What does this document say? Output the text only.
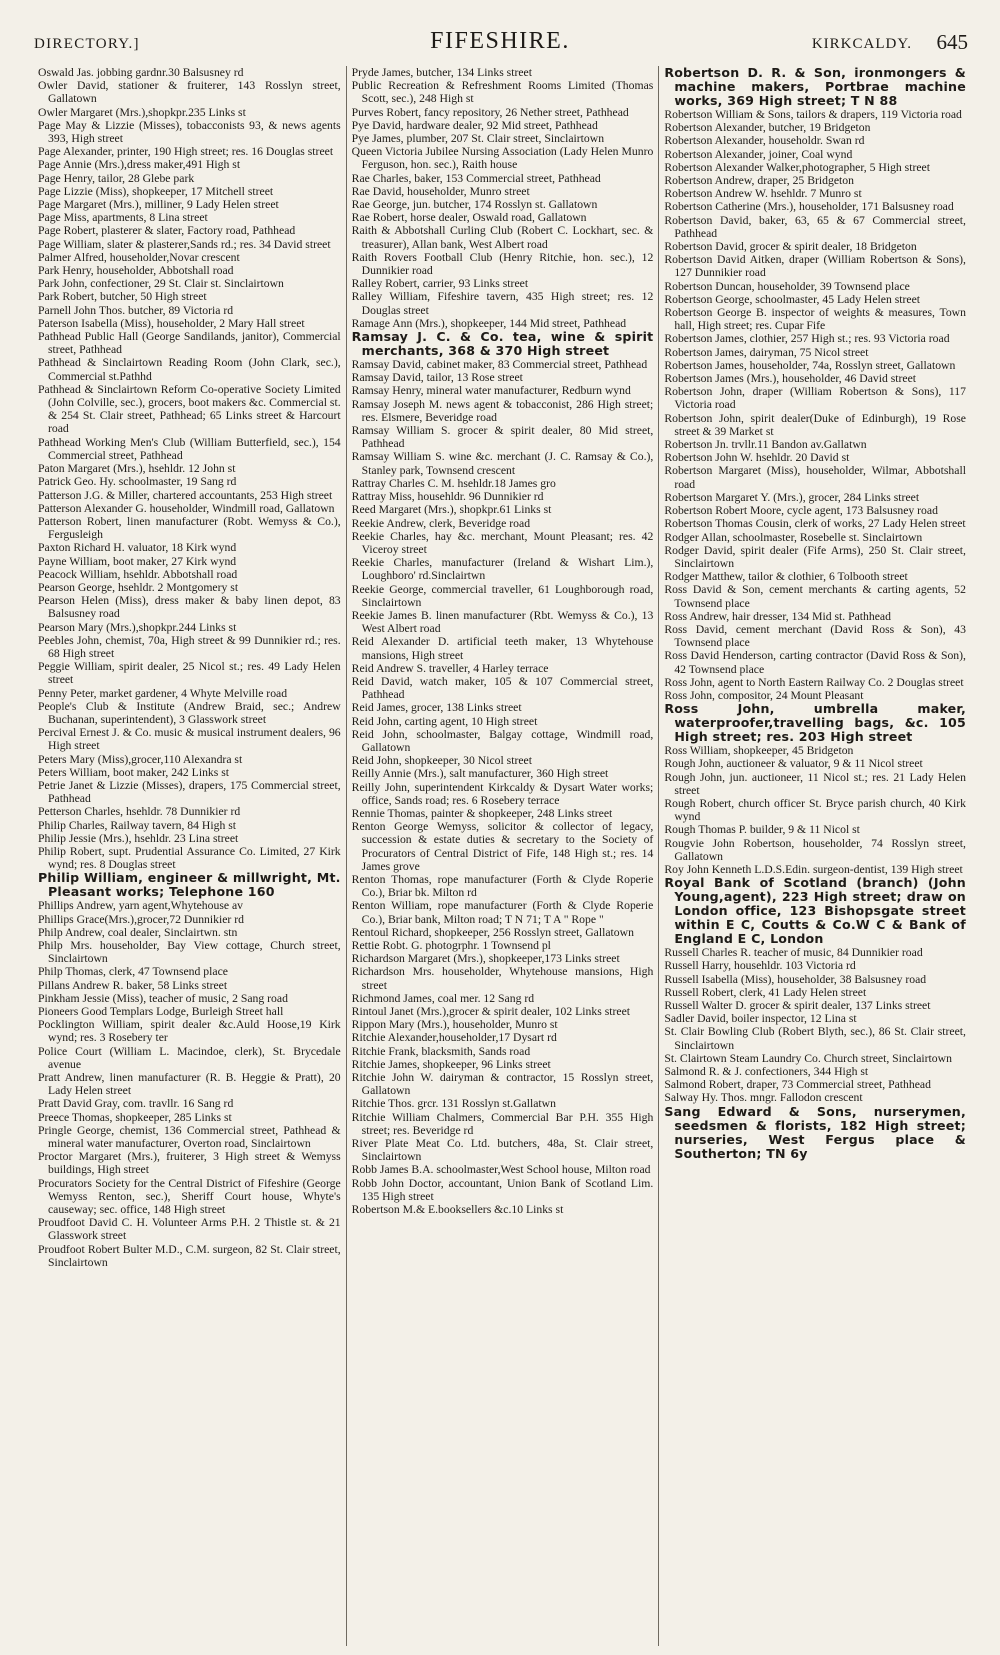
DIRECTORY.]	FIFESHIRE.	KIRKCALDY. 645
Oswald Jas. jobbing gardnr.30 Balsusney rd
Owler David, stationer & fruiterer, 143 Rosslyn street, Gallatown
Owler Margaret (Mrs.),shopkpr.235 Links st
Page May & Lizzie (Misses), tobacconists 93, & news agents 393, High street
Page Alexander, printer, 190 High street; res. 16 Douglas street
Page Annie (Mrs.),dress maker,491 High st
Page Henry, tailor, 28 Glebe park
Page Lizzie (Miss), shopkeeper, 17 Mitchell street
Page Margaret (Mrs.), milliner, 9 Lady Helen street
Page Miss, apartments, 8 Lina street
Page Robert, plasterer & slater, Factory road, Pathhead
Page William, slater & plasterer,Sands rd.; res. 34 David street
Palmer Alfred, householder,Novar crescent
Park Henry, householder, Abbotshall road
Park John, confectioner, 29 St. Clair st. Sinclairtown
Park Robert, butcher, 50 High street
Parnell John Thos. butcher, 89 Victoria rd
Paterson Isabella (Miss), householder, 2 Mary Hall street
Pathhead Public Hall (George Sandilands, janitor), Commercial street, Pathhead
Pathhead & Sinclairtown Reading Room (John Clark, sec.), Commercial st.Pathhd
Pathhead & Sinclairtown Reform Co-operative Society Limited (John Colville, sec.), grocers, boot makers &c. Commercial st. & 254 St. Clair street, Pathhead; 65 Links street & Harcourt road
Pathhead Working Men's Club (William Butterfield, sec.), 154 Commercial street, Pathhead
Paton Margaret (Mrs.), hsehldr. 12 John st
Patrick Geo. Hy. schoolmaster, 19 Sang rd
Patterson J.G. & Miller, chartered accountants, 253 High street
Patterson Alexander G. householder, Windmill road, Gallatown
Patterson Robert, linen manufacturer (Robt. Wemyss & Co.), Fergusleigh
Paxton Richard H. valuator, 18 Kirk wynd
Payne William, boot maker, 27 Kirk wynd
Peacock William, hsehldr. Abbotshall road
Pearson George, hsehldr. 2 Montgomery st
Pearson Helen (Miss), dress maker & baby linen depot, 83 Balsusney road
Pearson Mary (Mrs.),shopkpr.244 Links st
Peebles John, chemist, 70a, High street & 99 Dunnikier rd.; res. 68 High street
Peggie William, spirit dealer, 25 Nicol st.; res. 49 Lady Helen street
Penny Peter, market gardener, 4 Whyte Melville road
People's Club & Institute (Andrew Braid, sec.; Andrew Buchanan, superintendent), 3 Glasswork street
Percival Ernest J. & Co. music & musical instrument dealers, 96 High street
Peters Mary (Miss),grocer,110 Alexandra st
Peters William, boot maker, 242 Links st
Petrie Janet & Lizzie (Misses), drapers, 175 Commercial street, Pathhead
Petterson Charles, hsehldr. 78 Dunnikier rd
Philip Charles, Railway tavern, 84 High st
Philip Jessie (Mrs.), hsehldr. 23 Lina street
Philip Robert, supt. Prudential Assurance Co. Limited, 27 Kirk wynd; res. 8 Douglas street
Philip William, engineer & millwright, Mt. Pleasant works; Telephone 160
Phillips Andrew, yarn agent,Whytehouse av
Phillips Grace(Mrs.),grocer,72 Dunnikier rd
Philp Andrew, coal dealer, Sinclairtwn. stn
Philp Mrs. householder, Bay View cottage, Church street, Sinclairtown
Philp Thomas, clerk, 47 Townsend place
Pillans Andrew R. baker, 58 Links street
Pinkham Jessie (Miss), teacher of music, 2 Sang road
Pioneers Good Templars Lodge, Burleigh Street hall
Pocklington William, spirit dealer &c.Auld Hoose,19 Kirk wynd; res. 3 Rosebery ter
Police Court (William L. Macindoe, clerk), St. Brycedale avenue
Pratt Andrew, linen manufacturer (R. B. Heggie & Pratt), 20 Lady Helen street
Pratt David Gray, com. travllr. 16 Sang rd
Preece Thomas, shopkeeper, 285 Links st
Pringle George, chemist, 136 Commercial street, Pathhead & mineral water manufacturer, Overton road, Sinclairtown
Proctor Margaret (Mrs.), fruiterer, 3 High street & Wemyss buildings, High street
Procurators Society for the Central District of Fifeshire (George Wemyss Renton, sec.), Sheriff Court house, Whyte's causeway; sec. office, 148 High street
Proudfoot David C. H. Volunteer Arms P.H. 2 Thistle st. & 21 Glasswork street
Proudfoot Robert Bulter M.D., C.M. surgeon, 82 St. Clair street, Sinclairtown
Pryde James, butcher, 134 Links street
Public Recreation & Refreshment Rooms Limited (Thomas Scott, sec.), 248 High st
Purves Robert, fancy repository, 26 Nether street, Pathhead
Pye David, hardware dealer, 92 Mid street, Pathhead
Pye James, plumber, 207 St. Clair street, Sinclairtown
Queen Victoria Jubilee Nursing Association (Lady Helen Munro Ferguson, hon. sec.), Raith house
Rae Charles, baker, 153 Commercial street, Pathhead
Rae David, householder, Munro street
Rae George, jun. butcher, 174 Rosslyn st. Gallatown
Rae Robert, horse dealer, Oswald road, Gallatown
Raith & Abbotshall Curling Club (Robert C. Lockhart, sec. & treasurer), Allan bank, West Albert road
Raith Rovers Football Club (Henry Ritchie, hon. sec.), 12 Dunnikier road
Ralley Robert, carrier, 93 Links street
Ralley William, Fifeshire tavern, 435 High street; res. 12 Douglas street
Ramage Ann (Mrs.), shopkeeper, 144 Mid street, Pathhead
Ramsay J. C. & Co. tea, wine & spirit merchants, 368 & 370 High street
Ramsay David, cabinet maker, 83 Commercial street, Pathhead
Ramsay David, tailor, 13 Rose street
Ramsay Henry, mineral water manufacturer, Redburn wynd
Ramsay Joseph M. news agent & tobacconist, 286 High street; res. Elsmere, Beveridge road
Ramsay William S. grocer & spirit dealer, 80 Mid street, Pathhead
Ramsay William S. wine &c. merchant (J. C. Ramsay & Co.), Stanley park, Townsend crescent
Rattray Charles C. M. hsehldr.18 James gro
Rattray Miss, househldr. 96 Dunnikier rd
Reed Margaret (Mrs.), shopkpr.61 Links st
Reekie Andrew, clerk, Beveridge road
Reekie Charles, hay &c. merchant, Mount Pleasant; res. 42 Viceroy street
Reekie Charles, manufacturer (Ireland & Wishart Lim.), Loughboro' rd.Sinclairtwn
Reekie George, commercial traveller, 61 Loughborough road, Sinclairtown
Reekie James B. linen manufacturer (Rbt. Wemyss & Co.), 13 West Albert road
Reid Alexander D. artificial teeth maker, 13 Whytehouse mansions, High street
Reid Andrew S. traveller, 4 Harley terrace
Reid David, watch maker, 105 & 107 Commercial street, Pathhead
Reid James, grocer, 138 Links street
Reid John, carting agent, 10 High street
Reid John, schoolmaster, Balgay cottage, Windmill road, Gallatown
Reid John, shopkeeper, 30 Nicol street
Reilly Annie (Mrs.), salt manufacturer, 360 High street
Reilly John, superintendent Kirkcaldy & Dysart Water works; office, Sands road; res. 6 Rosebery terrace
Rennie Thomas, painter & shopkeeper, 248 Links street
Renton George Wemyss, solicitor & collector of legacy, succession & estate duties & secretary to the Society of Procurators of Central District of Fife, 148 High st.; res. 14 James grove
Renton Thomas, rope manufacturer (Forth & Clyde Roperie Co.), Briar bk. Milton rd
Renton William, rope manufacturer (Forth & Clyde Roperie Co.), Briar bank, Milton road; T N 71; T A " Rope "
Rentoul Richard, shopkeeper, 256 Rosslyn street, Gallatown
Rettie Robt. G. photogrphr. 1 Townsend pl
Richardson Margaret (Mrs.), shopkeeper,173 Links street
Richardson Mrs. householder, Whytehouse mansions, High street
Richmond James, coal mer. 12 Sang rd
Rintoul Janet (Mrs.),grocer & spirit dealer, 102 Links street
Rippon Mary (Mrs.), householder, Munro st
Ritchie Alexander,householder,17 Dysart rd
Ritchie Frank, blacksmith, Sands road
Ritchie James, shopkeeper, 96 Links street
Ritchie John W. dairyman & contractor, 15 Rosslyn street, Gallatown
Ritchie Thos. grcr. 131 Rosslyn st.Gallatwn
Ritchie William Chalmers, Commercial Bar P.H. 355 High street; res. Beveridge rd
River Plate Meat Co. Ltd. butchers, 48a, St. Clair street, Sinclairtown
Robb James B.A. schoolmaster,West School house, Milton road
Robb John Doctor, accountant, Union Bank of Scotland Lim. 135 High street
Robertson M.& E.booksellers &c.10 Links st
Robertson D. R. & Son, ironmongers & machine makers, Portbrae machine works, 369 High street; T N 88
Robertson William & Sons, tailors & drapers, 119 Victoria road
Robertson Alexander, butcher, 19 Bridgeton
Robertson Alexander, householdr. Swan rd
Robertson Alexander, joiner, Coal wynd
Robertson Alexander Walker,photographer, 5 High street
Robertson Andrew, draper, 25 Bridgeton
Robertson Andrew W. hsehldr. 7 Munro st
Robertson Catherine (Mrs.), householder, 171 Balsusney road
Robertson David, baker, 63, 65 & 67 Commercial street, Pathhead
Robertson David, grocer & spirit dealer, 18 Bridgeton
Robertson David Aitken, draper (William Robertson & Sons), 127 Dunnikier road
Robertson Duncan, householder, 39 Townsend place
Robertson George, schoolmaster, 45 Lady Helen street
Robertson George B. inspector of weights & measures, Town hall, High street; res. Cupar Fife
Robertson James, clothier, 257 High st.; res. 93 Victoria road
Robertson James, dairyman, 75 Nicol street
Robertson James, householder, 74a, Rosslyn street, Gallatown
Robertson James (Mrs.), householder, 46 David street
Robertson John, draper (William Robertson & Sons), 117 Victoria road
Robertson John, spirit dealer(Duke of Edinburgh), 19 Rose street & 39 Market st
Robertson Jn. trvllr.11 Bandon av.Gallatwn
Robertson John W. hsehldr. 20 David st
Robertson Margaret (Miss), householder, Wilmar, Abbotshall road
Robertson Margaret Y. (Mrs.), grocer, 284 Links street
Robertson Robert Moore, cycle agent, 173 Balsusney road
Robertson Thomas Cousin, clerk of works, 27 Lady Helen street
Rodger Allan, schoolmaster, Rosebelle st. Sinclairtown
Rodger David, spirit dealer (Fife Arms), 250 St. Clair street, Sinclairtown
Rodger Matthew, tailor & clothier, 6 Tolbooth street
Ross David & Son, cement merchants & carting agents, 52 Townsend place
Ross Andrew, hair dresser, 134 Mid st. Pathhead
Ross David, cement merchant (David Ross & Son), 43 Townsend place
Ross David Henderson, carting contractor (David Ross & Son), 42 Townsend place
Ross John, agent to North Eastern Railway Co. 2 Douglas street
Ross John, compositor, 24 Mount Pleasant
Ross John, umbrella maker, waterproofer,travelling bags, &c. 105 High street; res. 203 High street
Ross William, shopkeeper, 45 Bridgeton
Rough John, auctioneer & valuator, 9 & 11 Nicol street
Rough John, jun. auctioneer, 11 Nicol st.; res. 21 Lady Helen street
Rough Robert, church officer St. Bryce parish church, 40 Kirk wynd
Rough Thomas P. builder, 9 & 11 Nicol st
Rougvie John Robertson, householder, 74 Rosslyn street, Gallatown
Roy John Kenneth L.D.S.Edin. surgeon-dentist, 139 High street
Royal Bank of Scotland (branch) (John Young,agent), 223 High street; draw on London office, 123 Bishopsgate street within E C, Coutts & Co.W C & Bank of England E C, London
Russell Charles R. teacher of music, 84 Dunnikier road
Russell Harry, househldr. 103 Victoria rd
Russell Isabella (Miss), householder, 38 Balsusney road
Russell Robert, clerk, 41 Lady Helen street
Russell Walter D. grocer & spirit dealer, 137 Links street
Sadler David, boiler inspector, 12 Lina st
St. Clair Bowling Club (Robert Blyth, sec.), 86 St. Clair street, Sinclairtown
St. Clairtown Steam Laundry Co. Church street, Sinclairtown
Salmond R. & J. confectioners, 344 High st
Salmond Robert, draper, 73 Commercial street, Pathhead
Salway Hy. Thos. mngr. Fallodon crescent
Sang Edward & Sons, nurserymen, seedsmen & florists, 182 High street; nurseries, West Fergus place & Southerton; TN 6y
